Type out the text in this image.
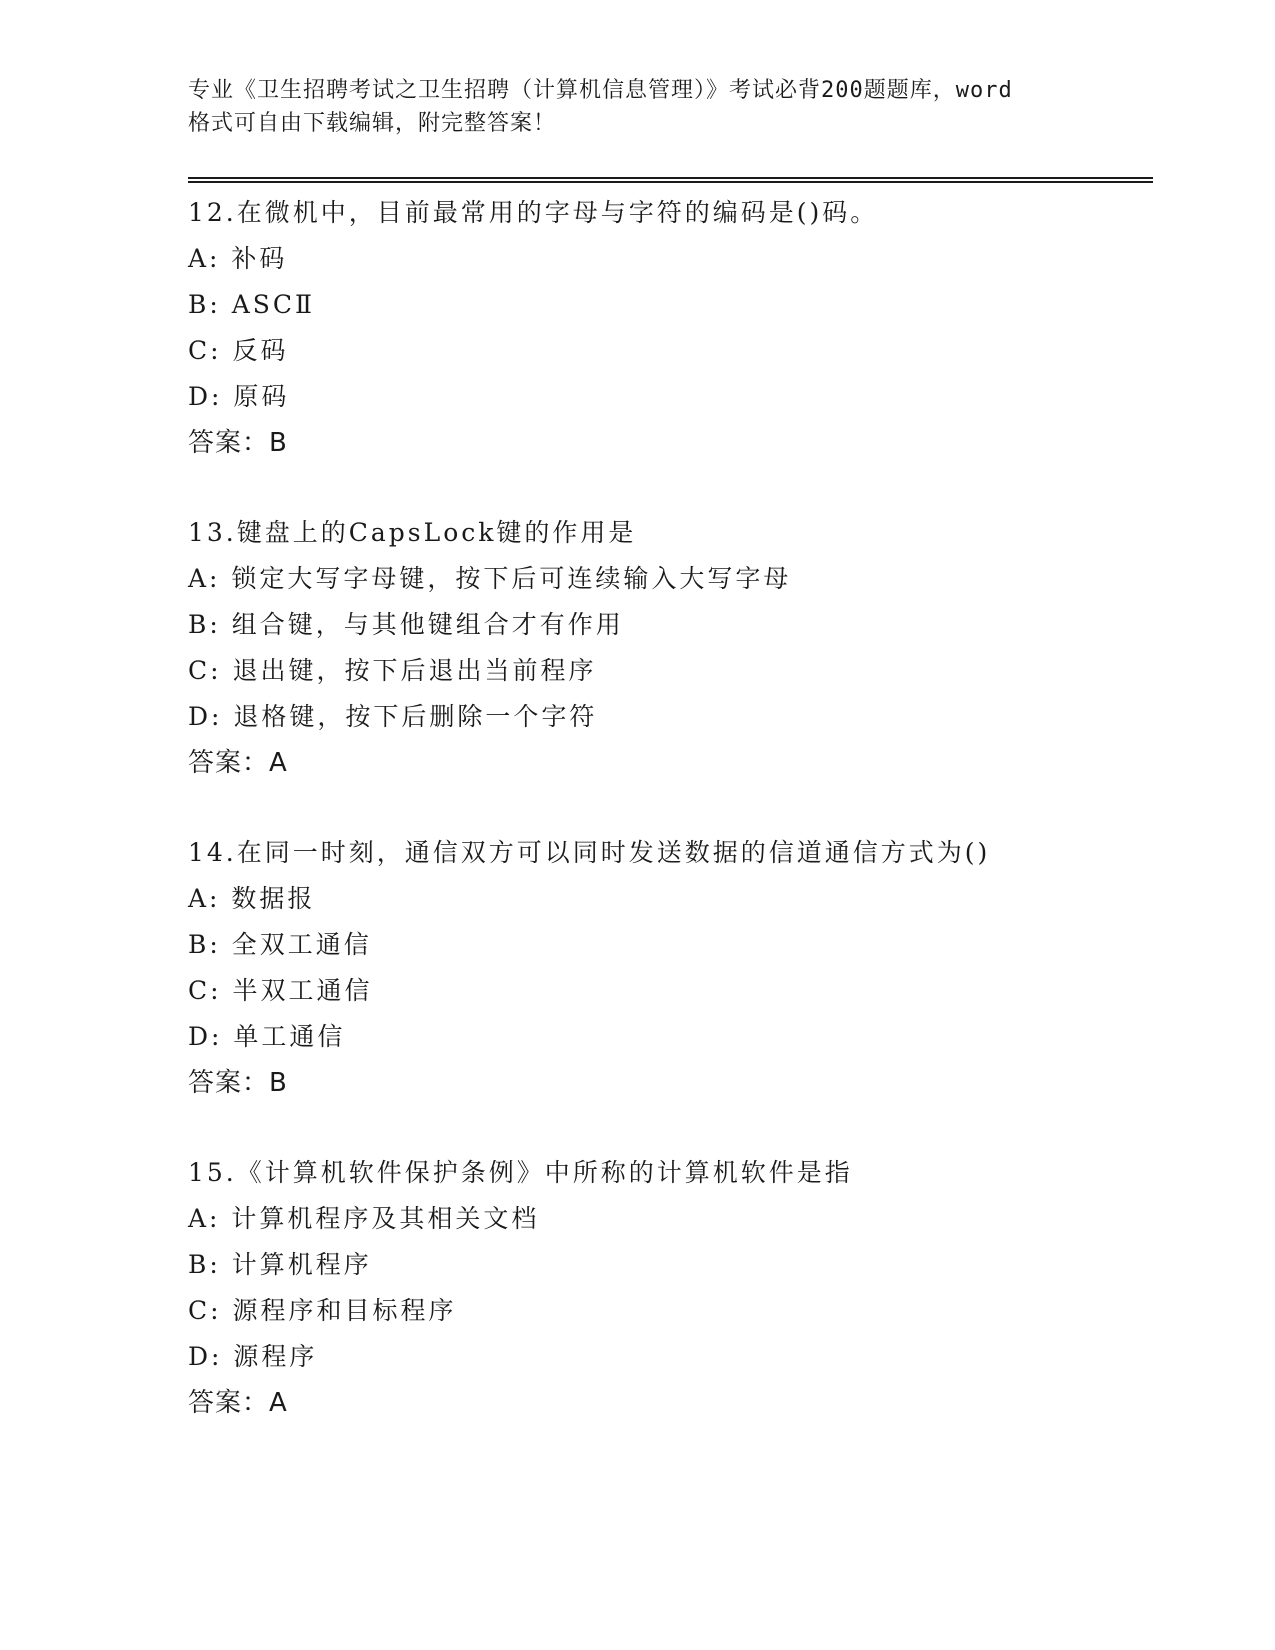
专业《卫生招聘考试之卫生招聘（计算机信息管理）》考试必背200题题库，word
格式可自由下载编辑，附完整答案！
12.在微机中，目前最常用的字母与字符的编码是()码。
A: 补码
B: ASCⅡ
C: 反码
D: 原码
答案：B
13.键盘上的CapsLock键的作用是
A: 锁定大写字母键，按下后可连续输入大写字母
B: 组合键，与其他键组合才有作用
C: 退出键，按下后退出当前程序
D: 退格键，按下后删除一个字符
答案：A
14.在同一时刻，通信双方可以同时发送数据的信道通信方式为()
A: 数据报
B: 全双工通信
C: 半双工通信
D: 单工通信
答案：B
15.《计算机软件保护条例》中所称的计算机软件是指
A: 计算机程序及其相关文档
B: 计算机程序
C: 源程序和目标程序
D: 源程序
答案：A
